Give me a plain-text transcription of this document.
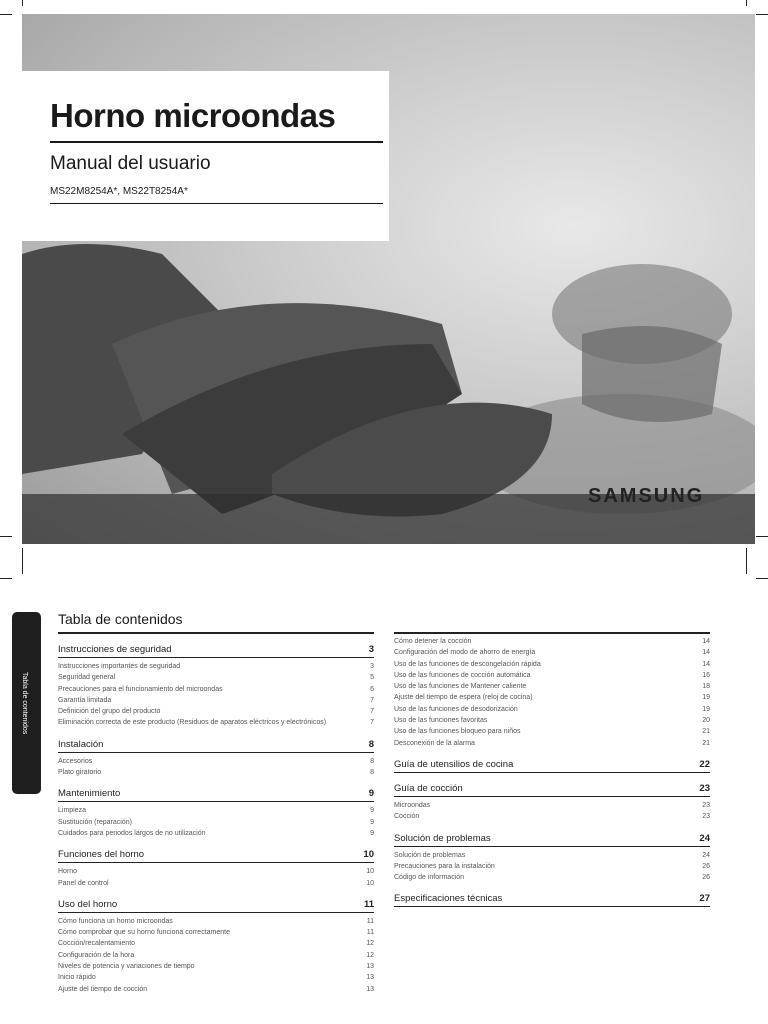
Horno microondas
Manual del usuario
MS22M8254A*, MS22T8254A*
SAMSUNG
Tabla de contenidos
Tabla de contenidos
Instrucciones de seguridad	3
Instrucciones importantes de seguridad	3
Seguridad general	5
Precauciones para el funcionamiento del microondas	6
Garantía limitada	7
Definición del grupo del producto	7
Eliminación correcta de este producto (Residuos de aparatos eléctricos y electrónicos)	7
Instalación	8
Accesorios	8
Plato giratorio	8
Mantenimiento	9
Limpieza	9
Sustitución (reparación)	9
Cuidados para periodos largos de no utilización	9
Funciones del horno	10
Horno	10
Panel de control	10
Uso del horno	11
Cómo funciona un horno microondas	11
Cómo comprobar que su horno funciona correctamente	11
Cocción/recalentamiento	12
Configuración de la hora	12
Niveles de potencia y variaciones de tiempo	13
Inicio rápido	13
Ajuste del tiempo de cocción	13
Cómo detener la cocción	14
Configuración del modo de ahorro de energía	14
Uso de las funciones de descongelación rápida	14
Uso de las funciones de cocción automática	16
Uso de las funciones de Mantener caliente	18
Ajuste del tiempo de espera (reloj de cocina)	19
Uso de las funciones de desodorización	19
Uso de las funciones favoritas	20
Uso de las funciones bloqueo para niños	21
Desconexión de la alarma	21
Guía de utensilios de cocina	22
Guía de cocción	23
Microondas	23
Cocción	23
Solución de problemas	24
Solución de problemas	24
Precauciones para la instalación	26
Código de información	26
Especificaciones técnicas	27
